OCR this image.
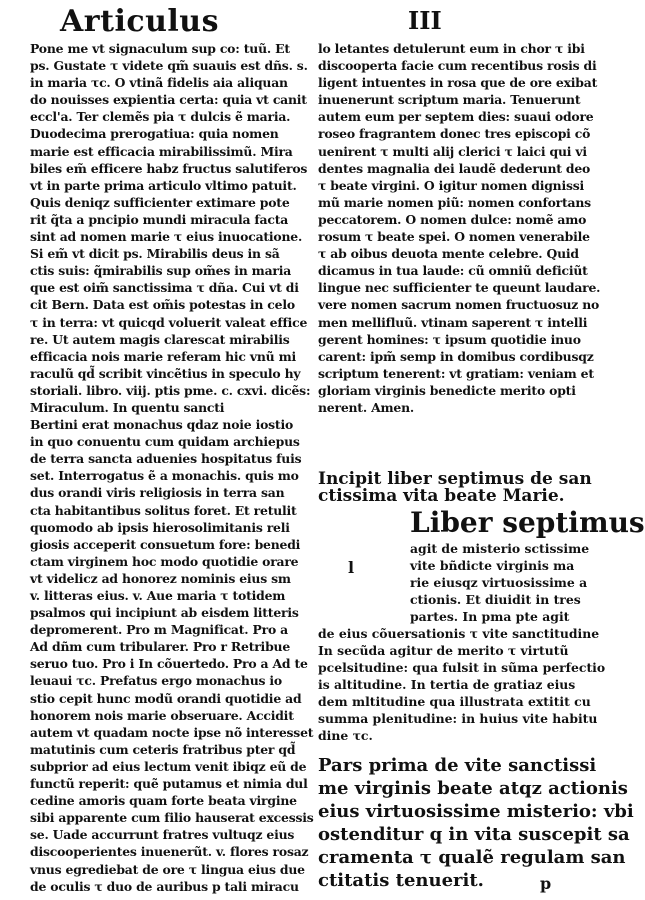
Articulus	III
Pone me vt signaculum sup co: tuũ. Et
ps. Gustate τ videte qm̃ suauis est dñs. s.
in maria τc. O vtinã fidelis aia aliquan
do nouisses expientia certa: quia vt canit
eccl'a. Ter clemẽs pia τ dulcis ẽ maria.
Duodecima prerogatiua: quia nomen
marie est efficacia mirabilissimũ. Mira
biles em̃ efficere habz fructus salutiferos
vt in parte prima articulo vltimo patuit.
Quis deniqz sufficienter extimare pote
rit q̃ta a pncipio mundi miracula facta
sint ad nomen marie τ eius inuocatione.
Si em̃ vt dicit ps. Mirabilis deus in sã
ctis suis: q̃mirabilis sup om̃es in maria
que est oim̃ sanctissima τ dña. Cui vt di
cit Bern. Data est om̃is potestas in celo
τ in terra: vt quicqd voluerit valeat effice
re. Ut autem magis clarescat mirabilis
efficacia nois marie referam hic vnũ mi
raculũ qd̃ scribit vincẽtius in speculo hy
storiali. libro. viij. ptis pme. c. cxvi. dicẽs:
Miraculum. In quentu sancti
Bertini erat monachus qdaz noie iostio
in quo conuentu cum quidam archiepus
de terra sancta aduenies hospitatus fuis
set. Interrogatus ẽ a monachis. quis mo
dus orandi viris religiosis in terra san
cta habitantibus solitus foret. Et retulit
quomodo ab ipsis hierosolimitanis reli
giosis acceperit consuetum fore: benedi
ctam virginem hoc modo quotidie orare
vt videlicz ad honorez nominis eius sm
v. litteras eius. v. Aue maria τ totidem
psalmos qui incipiunt ab eisdem litteris
depromerent. Pro m Magnificat. Pro a
Ad dñm cum tribularer. Pro r Retribue
seruo tuo. Pro i In cõuertedo. Pro a Ad te
leuaui τc. Prefatus ergo monachus io
stio cepit hunc modũ orandi quotidie ad
honorem nois marie obseruare. Accidit
autem vt quadam nocte ipse nõ interesset
matutinis cum ceteris fratribus pter qd̃
subprior ad eius lectum venit ibiqz eũ de
functũ reperit: quẽ putamus et nimia dul
cedine amoris quam forte beata virgine
sibi apparente cum filio hauserat excessis
se. Uade accurrunt fratres vultuqz eius
discooperientes inuenerũt. v. flores rosaz
vnus egrediebat de ore τ lingua eius due
de oculis τ duo de auribus p tali miracu
lo letantes detulerunt eum in chor τ ibi
discooperta facie cum recentibus rosis di
ligent intuentes in rosa que de ore exibat
inuenerunt scriptum maria. Tenuerunt
autem eum per septem dies: suaui odore
roseo fragrantem donec tres episcopi cõ
uenirent τ multi alij clerici τ laici qui vi
dentes magnalia dei laudẽ dederunt deo
τ beate virgini. O igitur nomen dignissi
mũ marie nomen piũ: nomen confortans
peccatorem. O nomen dulce: nomẽ amo
rosum τ beate spei. O nomen venerabile
τ ab oibus deuota mente celebre. Quid
dicamus in tua laude: cũ omniũ deficiũt
lingue nec sufficienter te queunt laudare.
vere nomen sacrum nomen fructuosuz no
men mellifluũ. vtinam saperent τ intelli
gerent homines: τ ipsum quotidie inuo
carent: ipm̃ semp in domibus cordibusqz
scriptum tenerent: vt gratiam: veniam et
gloriam virginis benedicte merito opti
nerent. Amen.
Incipit liber septimus de san
ctissima vita beate Marie.
Liber septimus
l
agit de misterio sctissime
vite bñdicte virginis ma
rie eiusqz virtuosissime a
ctionis. Et diuidit in tres
partes. In pma pte agit
de eius cõuersationis τ vite sanctitudine
In secũda agitur de merito τ virtutũ
pcelsitudine: qua fulsit in sũma perfectio
is altitudine. In tertia de gratiaz eius
dem mltitudine qua illustrata extitit cu
summa plenitudine: in huius vite habitu
dine τc.
Pars prima de vite sanctissi
me virginis beate atqz actionis
eius virtuosissime misterio: vbi
ostenditur q in vita suscepit sa
cramenta τ qualẽ regulam san
ctitatis tenuerit.	p
